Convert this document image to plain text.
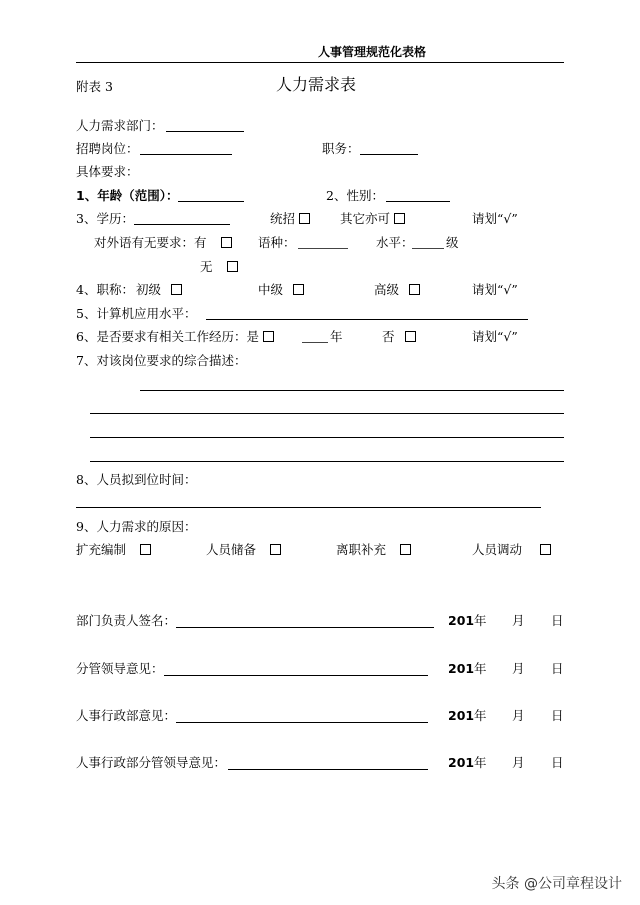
人事管理规范化表格
附表 3	人力需求表
人力需求部门：
招聘岗位：	职务：
具体要求：
1、年龄（范围）：	2、性别：
3、学历：	统招	其它亦可	请划“√”
对外语有无要求：有	语种：	水平：	级
无
4、职称： 初级	中级	高级	请划“√”
5、计算机应用水平：
6、是否要求有相关工作经历：是	年	否	请划“√”
7、对该岗位要求的综合描述：
8、人员拟到位时间：
9、人力需求的原因：
扩充编制	人员储备	离职补充	人员调动
部门负责人签名：	201 年 月 日
分管领导意见：	201 年 月 日
人事行政部意见：	201 年 月 日
人事行政部分管领导意见：	201 年 月 日
头条 @公司章程设计
